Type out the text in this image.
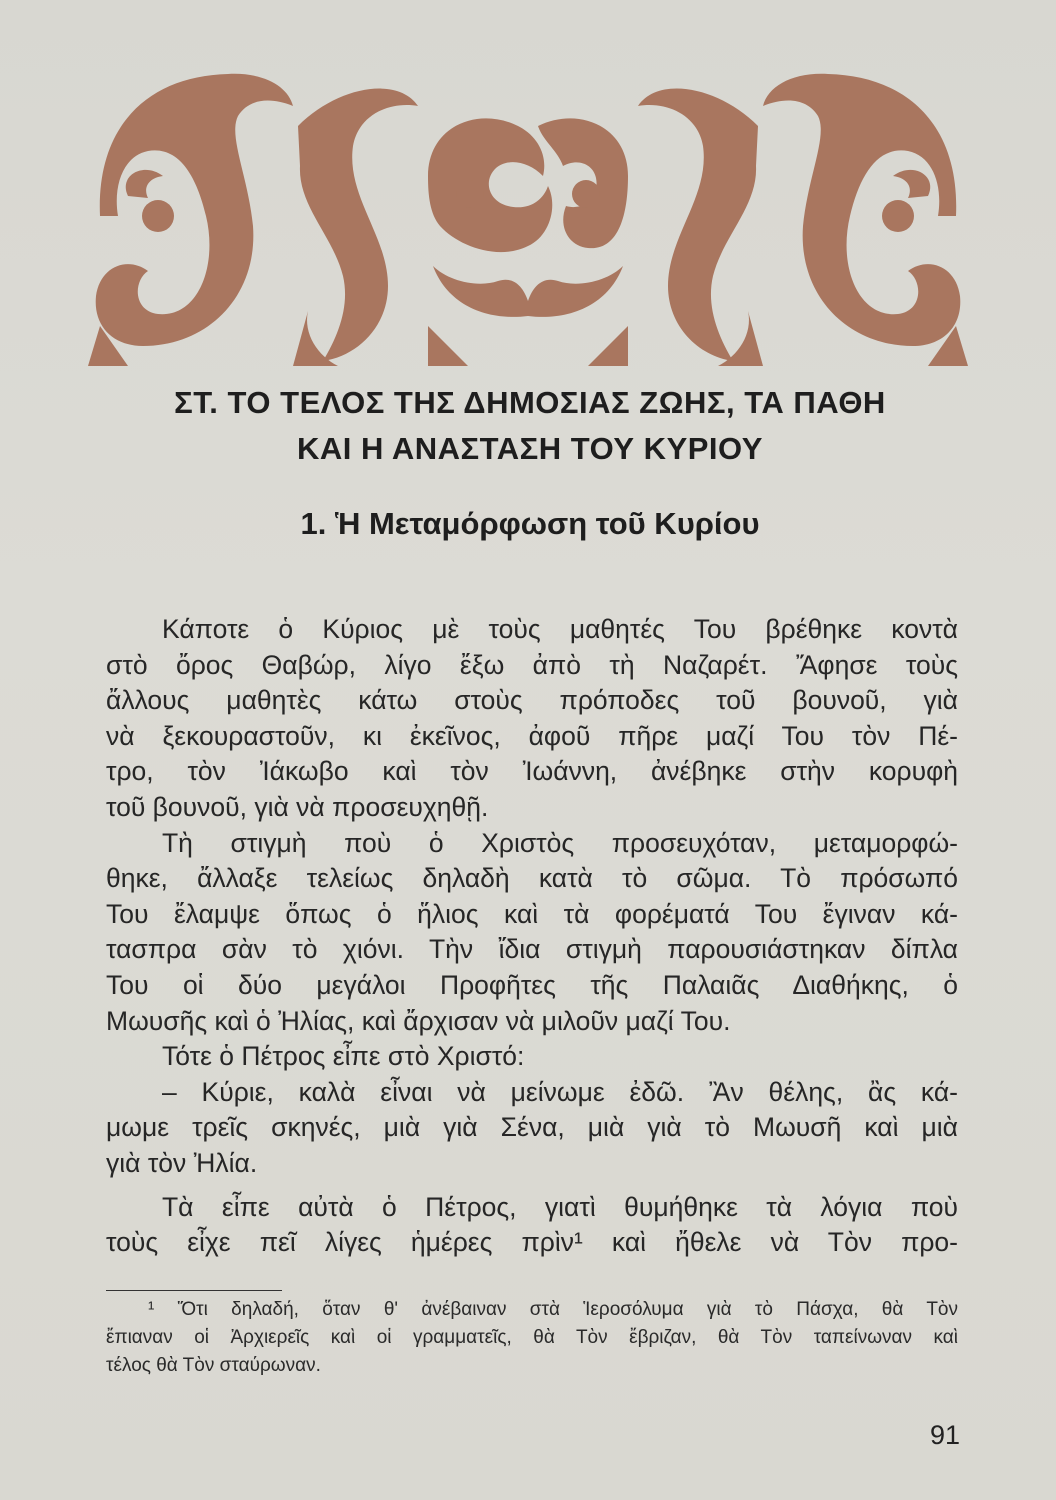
ΣΤ. ΤΟ ΤΕΛΟΣ ΤΗΣ ΔΗΜΟΣΙΑΣ ΖΩΗΣ, ΤΑ ΠΑΘΗ
ΚΑΙ Η ΑΝΑΣΤΑΣΗ ΤΟΥ ΚΥΡΙΟΥ
1. Ἡ Μεταμόρφωση τοῦ Κυρίου
Κάποτε ὁ Κύριος μὲ τοὺς μαθητές Του βρέθηκε κοντὰ
στὸ ὄρος Θαβώρ, λίγο ἔξω ἀπὸ τὴ Ναζαρέτ. Ἄφησε τοὺς
ἄλλους μαθητὲς κάτω στοὺς πρόποδες τοῦ βουνοῦ, γιὰ
νὰ ξεκουραστοῦν, κι ἐκεῖνος, ἀφοῦ πῆρε μαζί Του τὸν Πέ-
τρο, τὸν Ἰάκωβο καὶ τὸν Ἰωάννη, ἀνέβηκε στὴν κορυφὴ
τοῦ βουνοῦ, γιὰ νὰ προσευχηθῇ.
Τὴ στιγμὴ ποὺ ὁ Χριστὸς προσευχόταν, μεταμορφώ-
θηκε, ἄλλαξε τελείως δηλαδὴ κατὰ τὸ σῶμα. Τὸ πρόσωπό
Του ἔλαμψε ὅπως ὁ ἥλιος καὶ τὰ φορέματά Του ἔγιναν κά-
τασπρα σὰν τὸ χιόνι. Τὴν ἴδια στιγμὴ παρουσιάστηκαν δίπλα
Του οἱ δύο μεγάλοι Προφῆτες τῆς Παλαιᾶς Διαθήκης, ὁ
Μωυσῆς καὶ ὁ Ἠλίας, καὶ ἄρχισαν νὰ μιλοῦν μαζί Του.
Τότε ὁ Πέτρος εἶπε στὸ Χριστό:
– Κύριε, καλὰ εἶναι νὰ μείνωμε ἐδῶ. Ἂν θέλης, ἂς κά-
μωμε τρεῖς σκηνές, μιὰ γιὰ Σένα, μιὰ γιὰ τὸ Μωυσῆ καὶ μιὰ
γιὰ τὸν Ἠλία.
Τὰ εἶπε αὐτὰ ὁ Πέτρος, γιατὶ θυμήθηκε τὰ λόγια ποὺ
τοὺς εἶχε πεῖ λίγες ἡμέρες πρὶν¹ καὶ ἤθελε νὰ Τὸν προ-
¹ Ὅτι δηλαδή, ὅταν θ' ἀνέβαιναν στὰ Ἱεροσόλυμα γιὰ τὸ Πάσχα, θὰ Τὸν
ἔπιαναν οἱ Ἀρχιερεῖς καὶ οἱ γραμματεῖς, θὰ Τὸν ἔβριζαν, θὰ Τὸν ταπείνωναν καὶ
τέλος θὰ Τὸν σταύρωναν.
91
